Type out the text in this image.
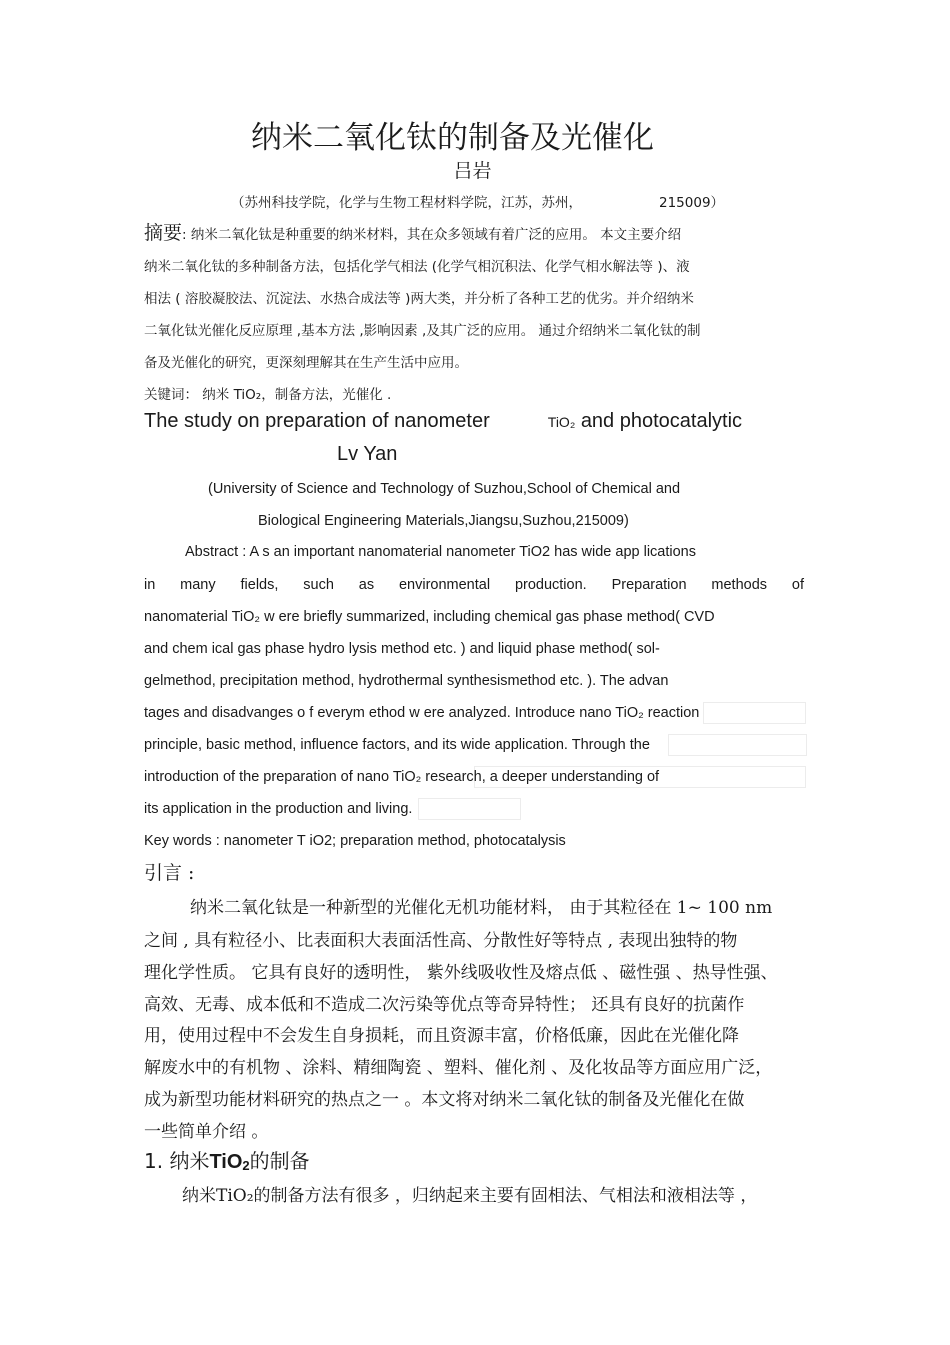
纳米二氧化钛的制备及光催化
吕岩
（苏州科技学院，化学与生物工程材料学院，江苏，苏州，	215009）
摘要: 纳米二氧化钛是种重要的纳米材料，其在众多领域有着广泛的应用。 本文主要介绍
纳米二氧化钛的多种制备方法，包括化学气相法 (化学气相沉积法、化学气相水解法等 )、液
相法 ( 溶胶凝胶法、沉淀法、水热合成法等 )两大类，并分析了各种工艺的优劣。并介绍纳米
二氧化钛光催化反应原理 ,基本方法 ,影响因素 ,及其广泛的应用。 通过介绍纳米二氧化钛的制
备及光催化的研究，更深刻理解其在生产生活中应用。
关键词： 纳米 TiO₂，制备方法，光催化 .
The study on preparation of nanometer	TiO₂ and photocatalytic
Lv Yan
(University of Science and Technology of Suzhou,School of Chemical and
Biological Engineering Materials,Jiangsu,Suzhou,215009)
Abstract : A s an important nanomaterial nanometer TiO2 has wide app lications
in many fields, such as environmental production. Preparation methods of
nanomaterial TiO₂ w ere briefly summarized, including chemical gas phase method( CVD
and chem ical gas phase hydro lysis method etc. ) and liquid phase method( sol-
gelmethod, precipitation method, hydrothermal synthesismethod etc. ). The advan
tages and disadvanges o f everym ethod w ere analyzed. Introduce nano TiO₂ reaction
principle, basic method, influence factors, and its wide application. Through the
introduction of the preparation of nano TiO₂ research, a deeper understanding of
its application in the production and living.
Key words : nanometer T iO2; preparation method, photocatalysis
引言 :
纳米二氧化钛是一种新型的光催化无机功能材料， 由于其粒径在 1~ 100 nm
之间 , 具有粒径小、比表面积大表面活性高、分散性好等特点 , 表现出独特的物
理化学性质。 它具有良好的透明性， 紫外线吸收性及熔点低 、磁性强 、热导性强、
高效、无毒、成本低和不造成二次污染等优点等奇异特性； 还具有良好的抗菌作
用，使用过程中不会发生自身损耗，而且资源丰富，价格低廉，因此在光催化降
解废水中的有机物 、涂料、精细陶瓷 、塑料、催化剂 、及化妆品等方面应用广泛，
成为新型功能材料研究的热点之一 。本文将对纳米二氧化钛的制备及光催化在做
一些简单介绍 。
1. 纳米TiO$_2$的制备
纳米TiO₂的制备方法有很多 ，归纳起来主要有固相法、气相法和液相法等 ，
